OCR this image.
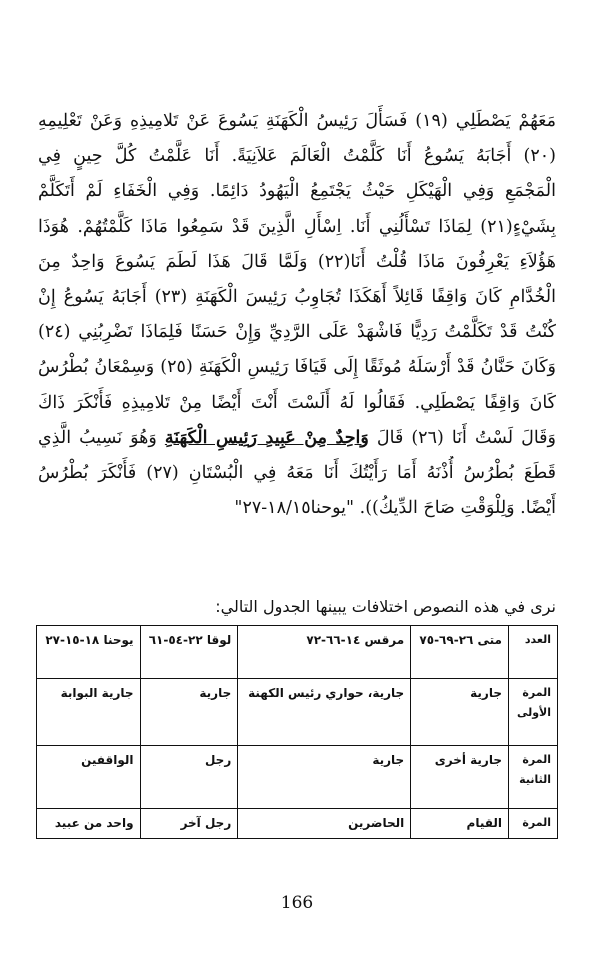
مَعَهُمْ يَصْطَلِي (١٩) فَسَأَلَ رَئِيسُ الْكَهَنَةِ يَسُوعَ عَنْ تَلامِيذِهِ وَعَنْ تَعْلِيمِهِ
(٢٠) أَجَابَهُ يَسُوعُ أَنَا كَلَّمْتُ الْعَالَمَ عَلاَنِيَةً. أَنَا عَلَّمْتُ كُلَّ حِينٍ فِي
الْمَجْمَعِ وَفِي الْهَيْكَلِ حَيْثُ يَجْتَمِعُ الْيَهُودُ دَائِمًا. وَفِي الْخَفَاءِ لَمْ أَتَكَلَّمْ
بِشَيْءٍ(٢١) لِمَاذَا تَسْأَلُنِي أَنَا. اِسْأَلِ الَّذِينَ قَدْ سَمِعُوا مَاذَا كَلَّمْتُهُمْ. هُوَذَا
هَؤُلاَءِ يَعْرِفُونَ مَاذَا قُلْتُ أَنَا(٢٢) وَلَمَّا قَالَ هَذَا لَطَمَ يَسُوعَ وَاحِدٌ مِنَ
الْخُدَّامِ كَانَ وَاقِفًا قَائِلاً أَهَكَذَا تُجَاوِبُ رَئِيسَ الْكَهَنَةِ (٢٣) أَجَابَهُ يَسُوعُ إِنْ
كُنْتُ قَدْ تَكَلَّمْتُ رَدِيًّا فَاشْهَدْ عَلَى الرَّدِيِّ وَإِنْ حَسَنًا فَلِمَاذَا تَضْرِبُنِي (٢٤)
وَكَانَ حَنَّانُ قَدْ أَرْسَلَهُ مُوثَقًا إِلَى قَيَافَا رَئِيسِ الْكَهَنَةِ (٢٥) وَسِمْعَانُ بُطْرُسُ
كَانَ وَاقِفًا يَصْطَلِي. فَقَالُوا لَهُ أَلَسْتَ أَنْتَ أَيْضًا مِنْ تَلامِيذِهِ فَأَنْكَرَ ذَاكَ
وَقَالَ لَسْتُ أَنَا (٢٦) قَالَ وَاحِدٌ مِنْ عَبِيدِ رَئِيسِ الْكَهَنَةِ وَهُوَ نَسِيبُ الَّذِي
قَطَعَ بُطْرُسُ أُذْنَهُ أَمَا رَأَيْتُكَ أَنَا مَعَهُ فِي الْبُسْتَانِ (٢٧) فَأَنْكَرَ بُطْرُسُ
أَيْضًا. وَلِلْوَقْتِ صَاحَ الدِّيكُ)). "يوحنا١٨/١٥-٢٧"
نرى في هذه النصوص اختلافات يبينها الجدول التالي:
العدد	متى ٢٦-٦٩-٧٥	مرقس ١٤-٦٦-٧٢	لوقا ٢٢-٥٤-٦١	يوحنا ١٨-١٥-٢٧
المرة الأولى	جارية	جارية، حواري رئيس الكهنة	جارية	جارية البوابة
المرة الثانية	جارية أخرى	جارية	رجل	الواقفين
المرة	القيام	الحاضرين	رجل آخر	واحد من عبيد
166
